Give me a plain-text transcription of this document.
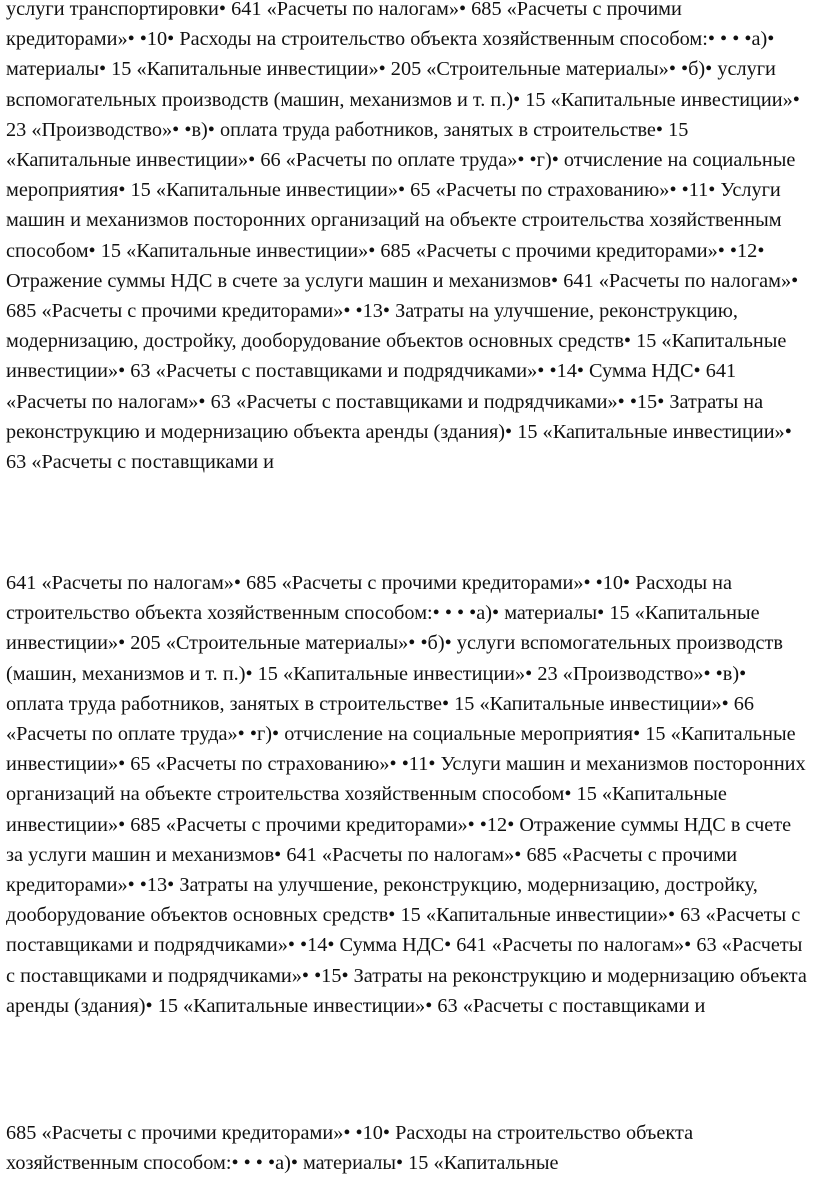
услуги транспортировки• 641 «Расчеты по налогам»• 685 «Расчеты с прочими кредиторами»• •10• Расходы на строительство объекта хозяйственным способом:• • • •а)• материалы• 15 «Капитальные инвестиции»• 205 «Строительные материалы»• •б)• услуги вспомогательных производств (машин, механизмов и т. п.)• 15 «Капитальные инвестиции»• 23 «Производство»• •в)• оплата труда работников, занятых в строительстве• 15 «Капитальные инвестиции»• 66 «Расчеты по оплате труда»• •г)• отчисление на социальные мероприятия• 15 «Капитальные инвестиции»• 65 «Расчеты по страхованию»• •11• Услуги машин и механизмов посторонних организаций на объекте строительства хозяйственным способом• 15 «Капитальные инвестиции»• 685 «Расчеты с прочими кредиторами»• •12• Отражение суммы НДС в счете за услуги машин и механизмов• 641 «Расчеты по налогам»• 685 «Расчеты с прочими кредиторами»• •13• Затраты на улучшение, реконструкцию, модернизацию, достройку, дооборудование объектов основных средств• 15 «Капитальные инвестиции»• 63 «Расчеты с поставщиками и подрядчиками»• •14• Сумма НДС• 641 «Расчеты по налогам»• 63 «Расчеты с поставщиками и подрядчиками»• •15• Затраты на реконструкцию и модернизацию объекта аренды (здания)• 15 «Капитальные инвестиции»• 63 «Расчеты с поставщиками и

641 «Расчеты по налогам»• 685 «Расчеты с прочими кредиторами»• •10• Расходы на строительство объекта хозяйственным способом:• • • •а)• материалы• 15 «Капитальные инвестиции»• 205 «Строительные материалы»• •б)• услуги вспомогательных производств (машин, механизмов и т. п.)• 15 «Капитальные инвестиции»• 23 «Производство»• •в)• оплата труда работников, занятых в строительстве• 15 «Капитальные инвестиции»• 66 «Расчеты по оплате труда»• •г)• отчисление на социальные мероприятия• 15 «Капитальные инвестиции»• 65 «Расчеты по страхованию»• •11• Услуги машин и механизмов посторонних организаций на объекте строительства хозяйственным способом• 15 «Капитальные инвестиции»• 685 «Расчеты с прочими кредиторами»• •12• Отражение суммы НДС в счете за услуги машин и механизмов• 641 «Расчеты по налогам»• 685 «Расчеты с прочими кредиторами»• •13• Затраты на улучшение, реконструкцию, модернизацию, достройку, дооборудование объектов основных средств• 15 «Капитальные инвестиции»• 63 «Расчеты с поставщиками и подрядчиками»• •14• Сумма НДС• 641 «Расчеты по налогам»• 63 «Расчеты с поставщиками и подрядчиками»• •15• Затраты на реконструкцию и модернизацию объекта аренды (здания)• 15 «Капитальные инвестиции»• 63 «Расчеты с поставщиками и

685 «Расчеты с прочими кредиторами»• •10• Расходы на строительство объекта хозяйственным способом:• • • •а)• материалы• 15 «Капитальные
